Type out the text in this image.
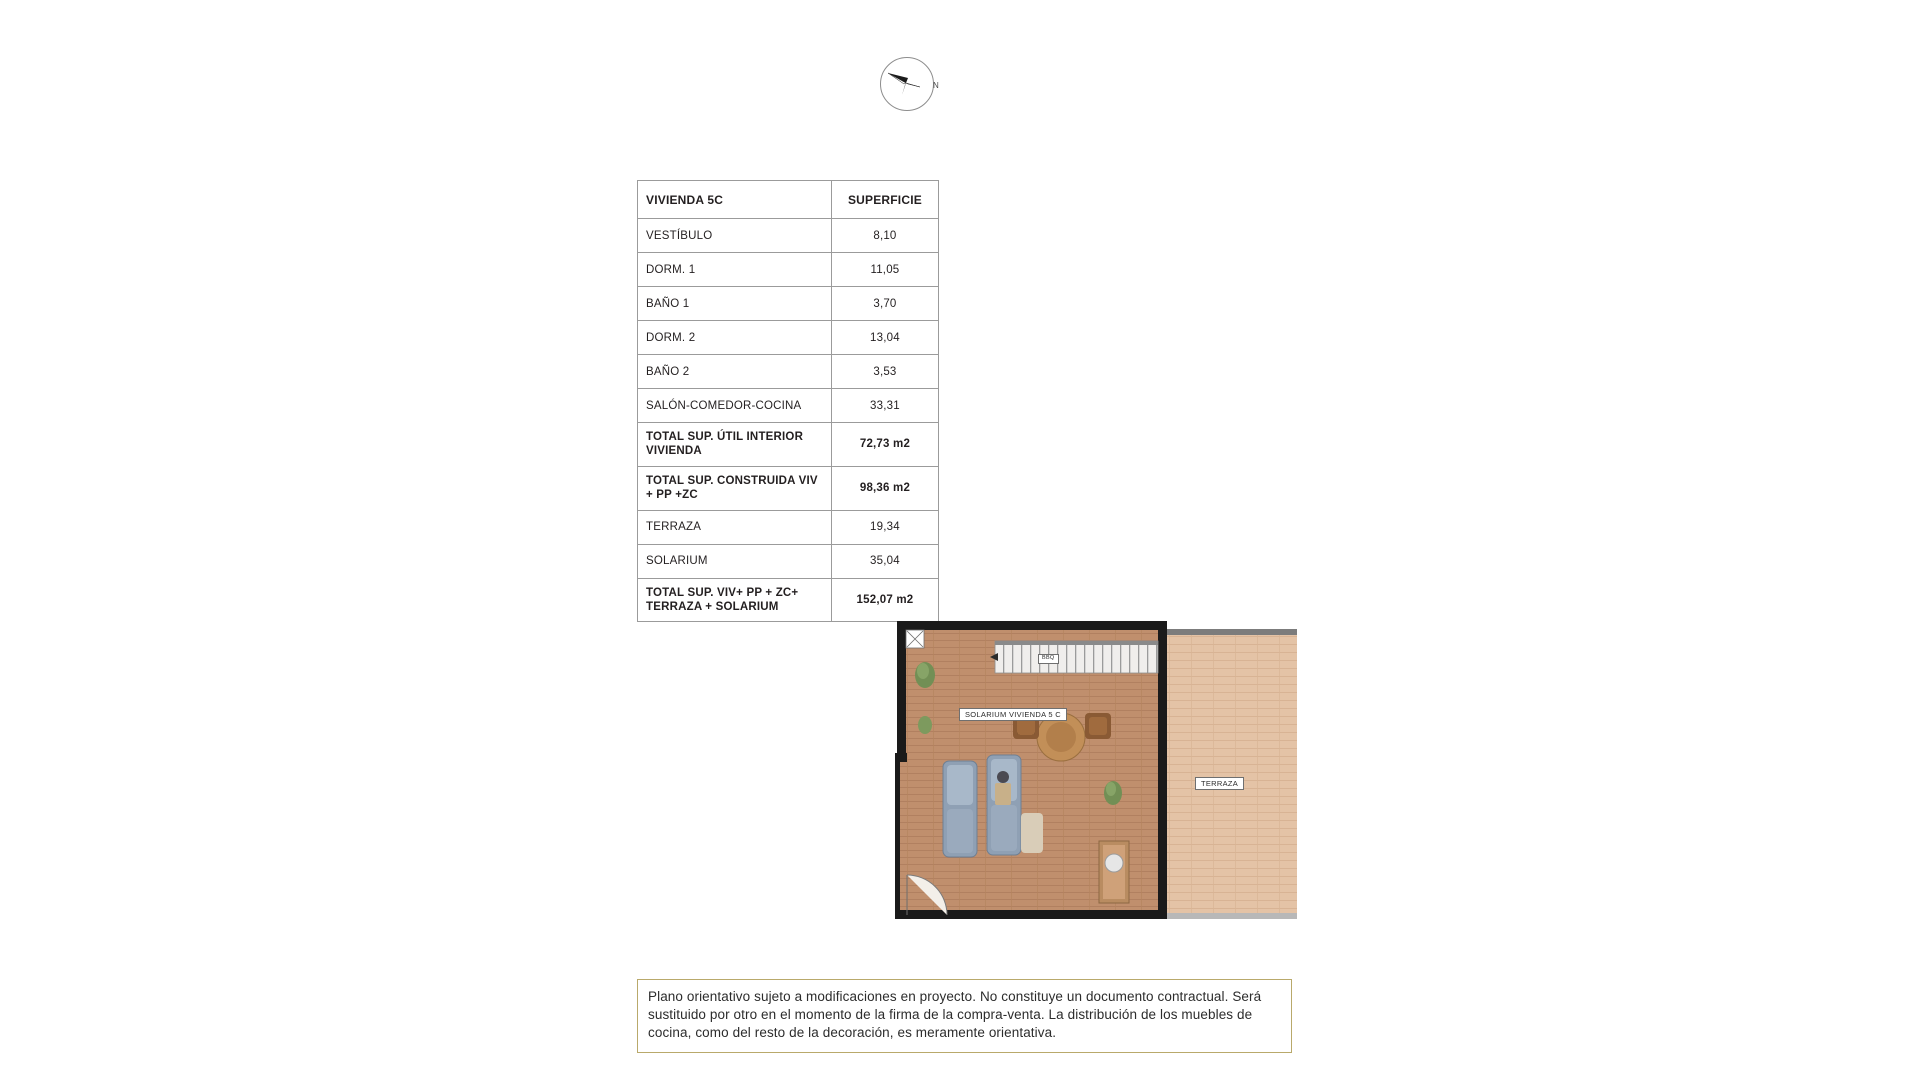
N
VIVIENDA 5C	SUPERFICIE
VESTÍBULO	8,10
DORM. 1	11,05
BAÑO 1	3,70
DORM. 2	13,04
BAÑO 2	3,53
SALÓN-COMEDOR-COCINA	33,31
TOTAL SUP. ÚTIL INTERIOR VIVIENDA	72,73 m2
TOTAL SUP. CONSTRUIDA VIV + PP +ZC	98,36 m2
TERRAZA	19,34
SOLARIUM	35,04
TOTAL SUP. VIV+ PP + ZC+ TERRAZA + SOLARIUM	152,07 m2
SOLARIUM VIVIENDA 5 C
TERRAZA
BBQ

Plano orientativo sujeto a modificaciones en proyecto. No constituye un documento contractual. Será sustituido por otro en el momento de la firma de la compra-venta. La distribución de los muebles de cocina, como del resto de la decoración, es meramente orientativa.
